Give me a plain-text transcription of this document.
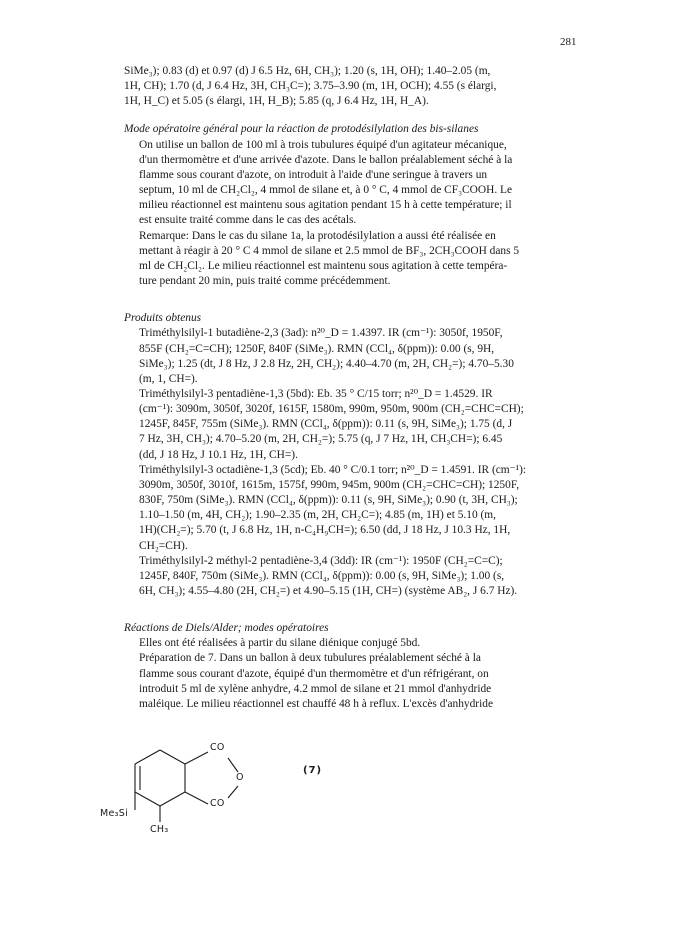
281

SiMe₃); 0.83 (d) et 0.97 (d) J 6.5 Hz, 6H, CH₃); 1.20 (s, 1H, OH); 1.40–2.05 (m,
1H, CH); 1.70 (d, J 6.4 Hz, 3H, CH₃C=); 3.75–3.90 (m, 1H, OCH); 4.55 (s élargi,
1H, H_C) et 5.05 (s élargi, 1H, H_B); 5.85 (q, J 6.4 Hz, 1H, H_A).

Mode opératoire général pour la réaction de protodésilylation des bis-silanes

On utilise un ballon de 100 ml à trois tubulures équipé d'un agitateur mécanique,
d'un thermomètre et d'une arrivée d'azote. Dans le ballon préalablement séché à la
flamme sous courant d'azote, on introduit à l'aide d'une seringue à travers un
septum, 10 ml de CH₂Cl₂, 4 mmol de silane et, à 0 ° C, 4 mmol de CF₃COOH. Le
milieu réactionnel est maintenu sous agitation pendant 15 h à cette température; il
est ensuite traité comme dans le cas des acétals.

Remarque: Dans le cas du silane 1a, la protodésilylation a aussi été réalisée en
mettant à réagir à 20 ° C 4 mmol de silane et 2.5 mmol de BF₃, 2CH₃COOH dans 5
ml de CH₂Cl₂. Le milieu réactionnel est maintenu sous agitation à cette tempéra-
ture pendant 20 min, puis traité comme précédemment.

Produits obtenus

Triméthylsilyl-1 butadiène-2,3 (3ad): n²⁰_D = 1.4397. IR (cm⁻¹): 3050f, 1950F,
855F (CH₂=C=CH); 1250F, 840F (SiMe₃). RMN (CCl₄, δ(ppm)): 0.00 (s, 9H,
SiMe₃); 1.25 (dt, J 8 Hz, J 2.8 Hz, 2H, CH₂); 4.40–4.70 (m, 2H, CH₂=); 4.70–5.30
(m, 1, CH=).

Triméthylsilyl-3 pentadiène-1,3 (5bd): Eb. 35 ° C/15 torr; n²⁰_D = 1.4529. IR
(cm⁻¹): 3090m, 3050f, 3020f, 1615F, 1580m, 990m, 950m, 900m (CH₂=CHC=CH);
1245F, 845F, 755m (SiMe₃). RMN (CCl₄, δ(ppm)): 0.11 (s, 9H, SiMe₃); 1.75 (d, J
7 Hz, 3H, CH₃); 4.70–5.20 (m, 2H, CH₂=); 5.75 (q, J 7 Hz, 1H, CH₃CH=); 6.45
(dd, J 18 Hz, J 10.1 Hz, 1H, CH=).

Triméthylsilyl-3 octadiène-1,3 (5cd); Eb. 40 ° C/0.1 torr; n²⁰_D = 1.4591. IR (cm⁻¹):
3090m, 3050f, 3010f, 1615m, 1575f, 990m, 945m, 900m (CH₂=CHC=CH); 1250F,
830F, 750m (SiMe₃). RMN (CCl₄, δ(ppm)): 0.11 (s, 9H, SiMe₃); 0.90 (t, 3H, CH₃);
1.10–1.50 (m, 4H, CH₂); 1.90–2.35 (m, 2H, CH₂C=); 4.85 (m, 1H) et 5.10 (m,
1H)(CH₂=); 5.70 (t, J 6.8 Hz, 1H, n-C₄H₉CH=); 6.50 (dd, J 18 Hz, J 10.3 Hz, 1H,
CH₂=CH).

Triméthylsilyl-2 méthyl-2 pentadiène-3,4 (3dd): IR (cm⁻¹): 1950F (CH₂=C=C);
1245F, 840F, 750m (SiMe₃). RMN (CCl₄, δ(ppm)): 0.00 (s, 9H, SiMe₃); 1.00 (s,
6H, CH₃); 4.55–4.80 (2H, CH₂=) et 4.90–5.15 (1H, CH=) (système AB₂, J 6.7 Hz).

Réactions de Diels/Alder; modes opératoires

Elles ont été réalisées à partir du silane diénique conjugé 5bd.

Préparation de 7. Dans un ballon à deux tubulures préalablement séché à la
flamme sous courant d'azote, équipé d'un thermomètre et d'un réfrigérant, on
introduit 5 ml de xylène anhydre, 4.2 mmol de silane et 21 mmol d'anhydride
maléique. Le milieu réactionnel est chauffé 48 h à reflux. L'excès d'anhydride

CO
O
CO
Me₃Si
CH₃
(7)
